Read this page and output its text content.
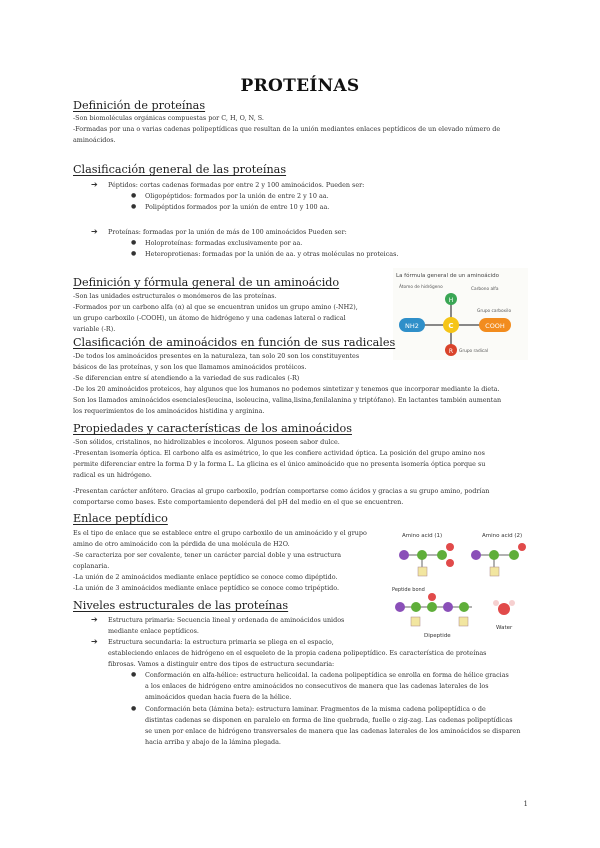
PROTEÍNAS
Definición de proteínas
-Son biomoléculas orgánicas compuestas por C, H, O, N, S.
-Formadas por una o varias cadenas polipeptídicas que resultan de la unión mediantes enlaces peptídicos de un elevado número de
aminoácidos.
Clasificación general de las proteínas
➔ Péptidos: cortas cadenas formadas por entre 2 y 100 aminoácidos. Pueden ser:
● Oligopéptidos: formados por la unión de entre 2 y 10 aa.
● Polipéptidos formados por la unión de entre 10 y 100 aa.
➔ Proteínas: formadas por la unión de más de 100 aminoácidos Pueden ser:
● Holoproteínas: formadas exclusivamente por aa.
● Heteroprotienas: formadas por la unión de aa. y otras moléculas no proteicas.
Definición y fórmula general de un aminoácido
-Son las unidades estructurales o monómeros de las proteínas.
-Formados por un carbono alfa (α) al que se encuentran unidos un grupo amino (-NH2),
un grupo carboxilo (-COOH), un átomo de hidrógeno y una cadenas lateral o radical
variable (-R).
La fórmula general de un aminoácido
NH2	COOH
C
H
R
Átomo de hidrógeno	Carbono alfa
Grupo carboxilo
Grupo radical
Clasificación de aminoácidos en función de sus radicales
-De todos los aminoácidos presentes en la naturaleza, tan solo 20 son los constituyentes
básicos de las proteínas, y son los que llamamos aminoácidos protéicos.
-Se diferencian entre sí atendiendo a la variedad de sus radicales (-R)
-De los 20 aminoácidos proteicos, hay algunos que los humanos no podemos sintetizar y tenemos que incorporar mediante la dieta.
Son los llamados aminoácidos esenciales(leucina, isoleucina, valina,lisina,fenilalanina y triptófano). En lactantes también aumentan
los requerimientos de los aminoácidos histidina y arginina.
Propiedades y características de los aminoácidos
-Son sólidos, cristalinos, no hidrolizables e incoloros. Algunos poseen sabor dulce.
-Presentan isomería óptica. El carbono alfa es asimétrico, lo que les confiere actividad óptica. La posición del grupo amino nos
permite diferenciar entre la forma D y la forma L. La glicina es el único aminoácido que no presenta isomería óptica porque su
radical es un hidrógeno.
-Presentan carácter anfótero. Gracias al grupo carboxilo, podrían comportarse como ácidos y gracias a su grupo amino, podrían
comportarse como bases. Este comportamiento dependerá del pH del medio en el que se encuentren.
Enlace peptídico
Es el tipo de enlace que se establece entre el grupo carboxilo de un aminoácido y el grupo
amino de otro aminoácido con la pérdida de una molécula de H2O.
-Se caracteriza por ser covalente, tener un carácter parcial doble y una estructura
coplanaria.
-La unión de 2 aminoácidos mediante enlace peptídico se conoce como dipéptido.
-La unión de 3 aminoácidos mediante enlace peptídico se conoce como tripéptido.
Amino acid (1)	Amino acid (2)
Peptide bond
Dipeptide
Water
Niveles estructurales de las proteínas
➔ Estructura primaria: Secuencia lineal y ordenada de aminoácidos unidos
mediante enlace peptídicos.
➔ Estructura secundaria: la estructura primaria se pliega en el espacio,
estableciendo enlaces de hidrógeno en el esqueleto de la propia cadena polipeptídico. Es característica de proteínas
fibrosas. Vamos a distinguir entre dos tipos de estructura secundaria:
● Conformación en alfa-hélice: estructura helicoidal. la cadena polipeptídica se enrolla en forma de hélice gracias
a los enlaces de hidrógeno entre aminoácidos no consecutivos de manera que las cadenas laterales de los
aminoácidos quedan hacia fuera de la hélice.
● Conformación beta (lámina beta): estructura laminar. Fragmentos de la misma cadena polipeptídica o de
distintas cadenas se disponen en paralelo en forma de line quebrada, fuelle o zig-zag. Las cadenas polipeptídicas
se unen por enlace de hidrógeno transversales de manera que las cadenas laterales de los aminoácidos se disparen
hacia arriba y abajo de la lámina plegada.
1
